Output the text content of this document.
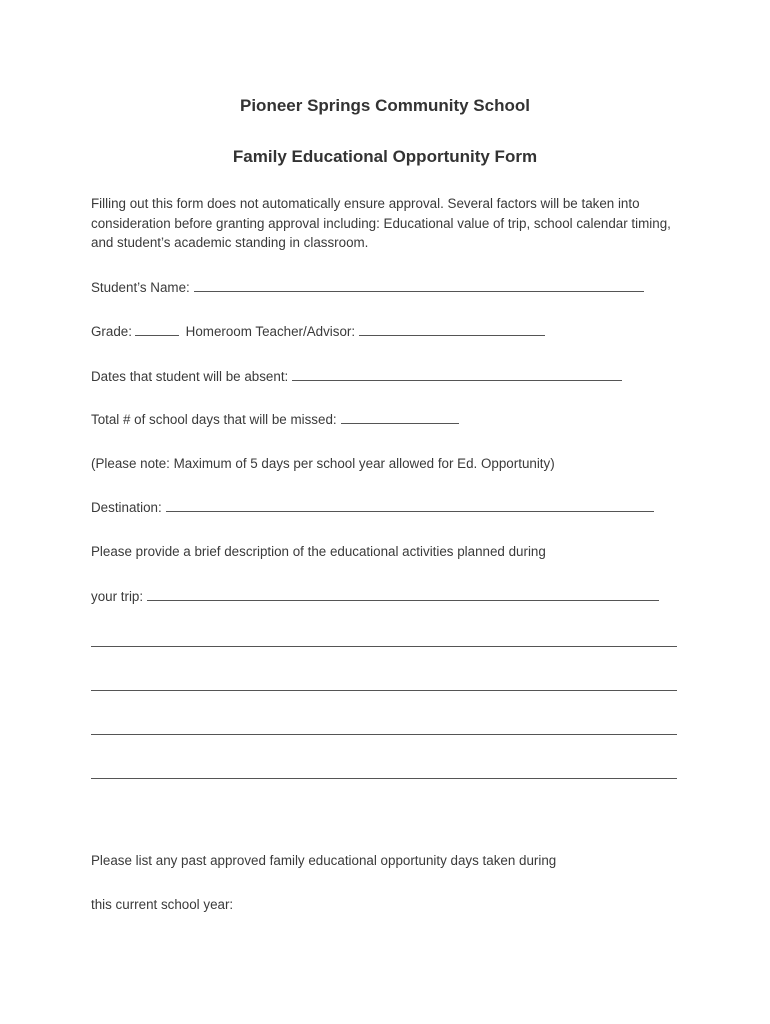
Pioneer Springs Community School
Family Educational Opportunity Form
Filling out this form does not automatically ensure approval. Several factors will be taken into consideration before granting approval including: Educational value of trip, school calendar timing, and student’s academic standing in classroom.
Student’s Name:
Grade:	Homeroom Teacher/Advisor:
Dates that student will be absent:
Total # of school days that will be missed:
(Please note: Maximum of 5 days per school year allowed for Ed. Opportunity)
Destination:
Please provide a brief description of the educational activities planned during
your trip:
Please list any past approved family educational opportunity days taken during
this current school year:
